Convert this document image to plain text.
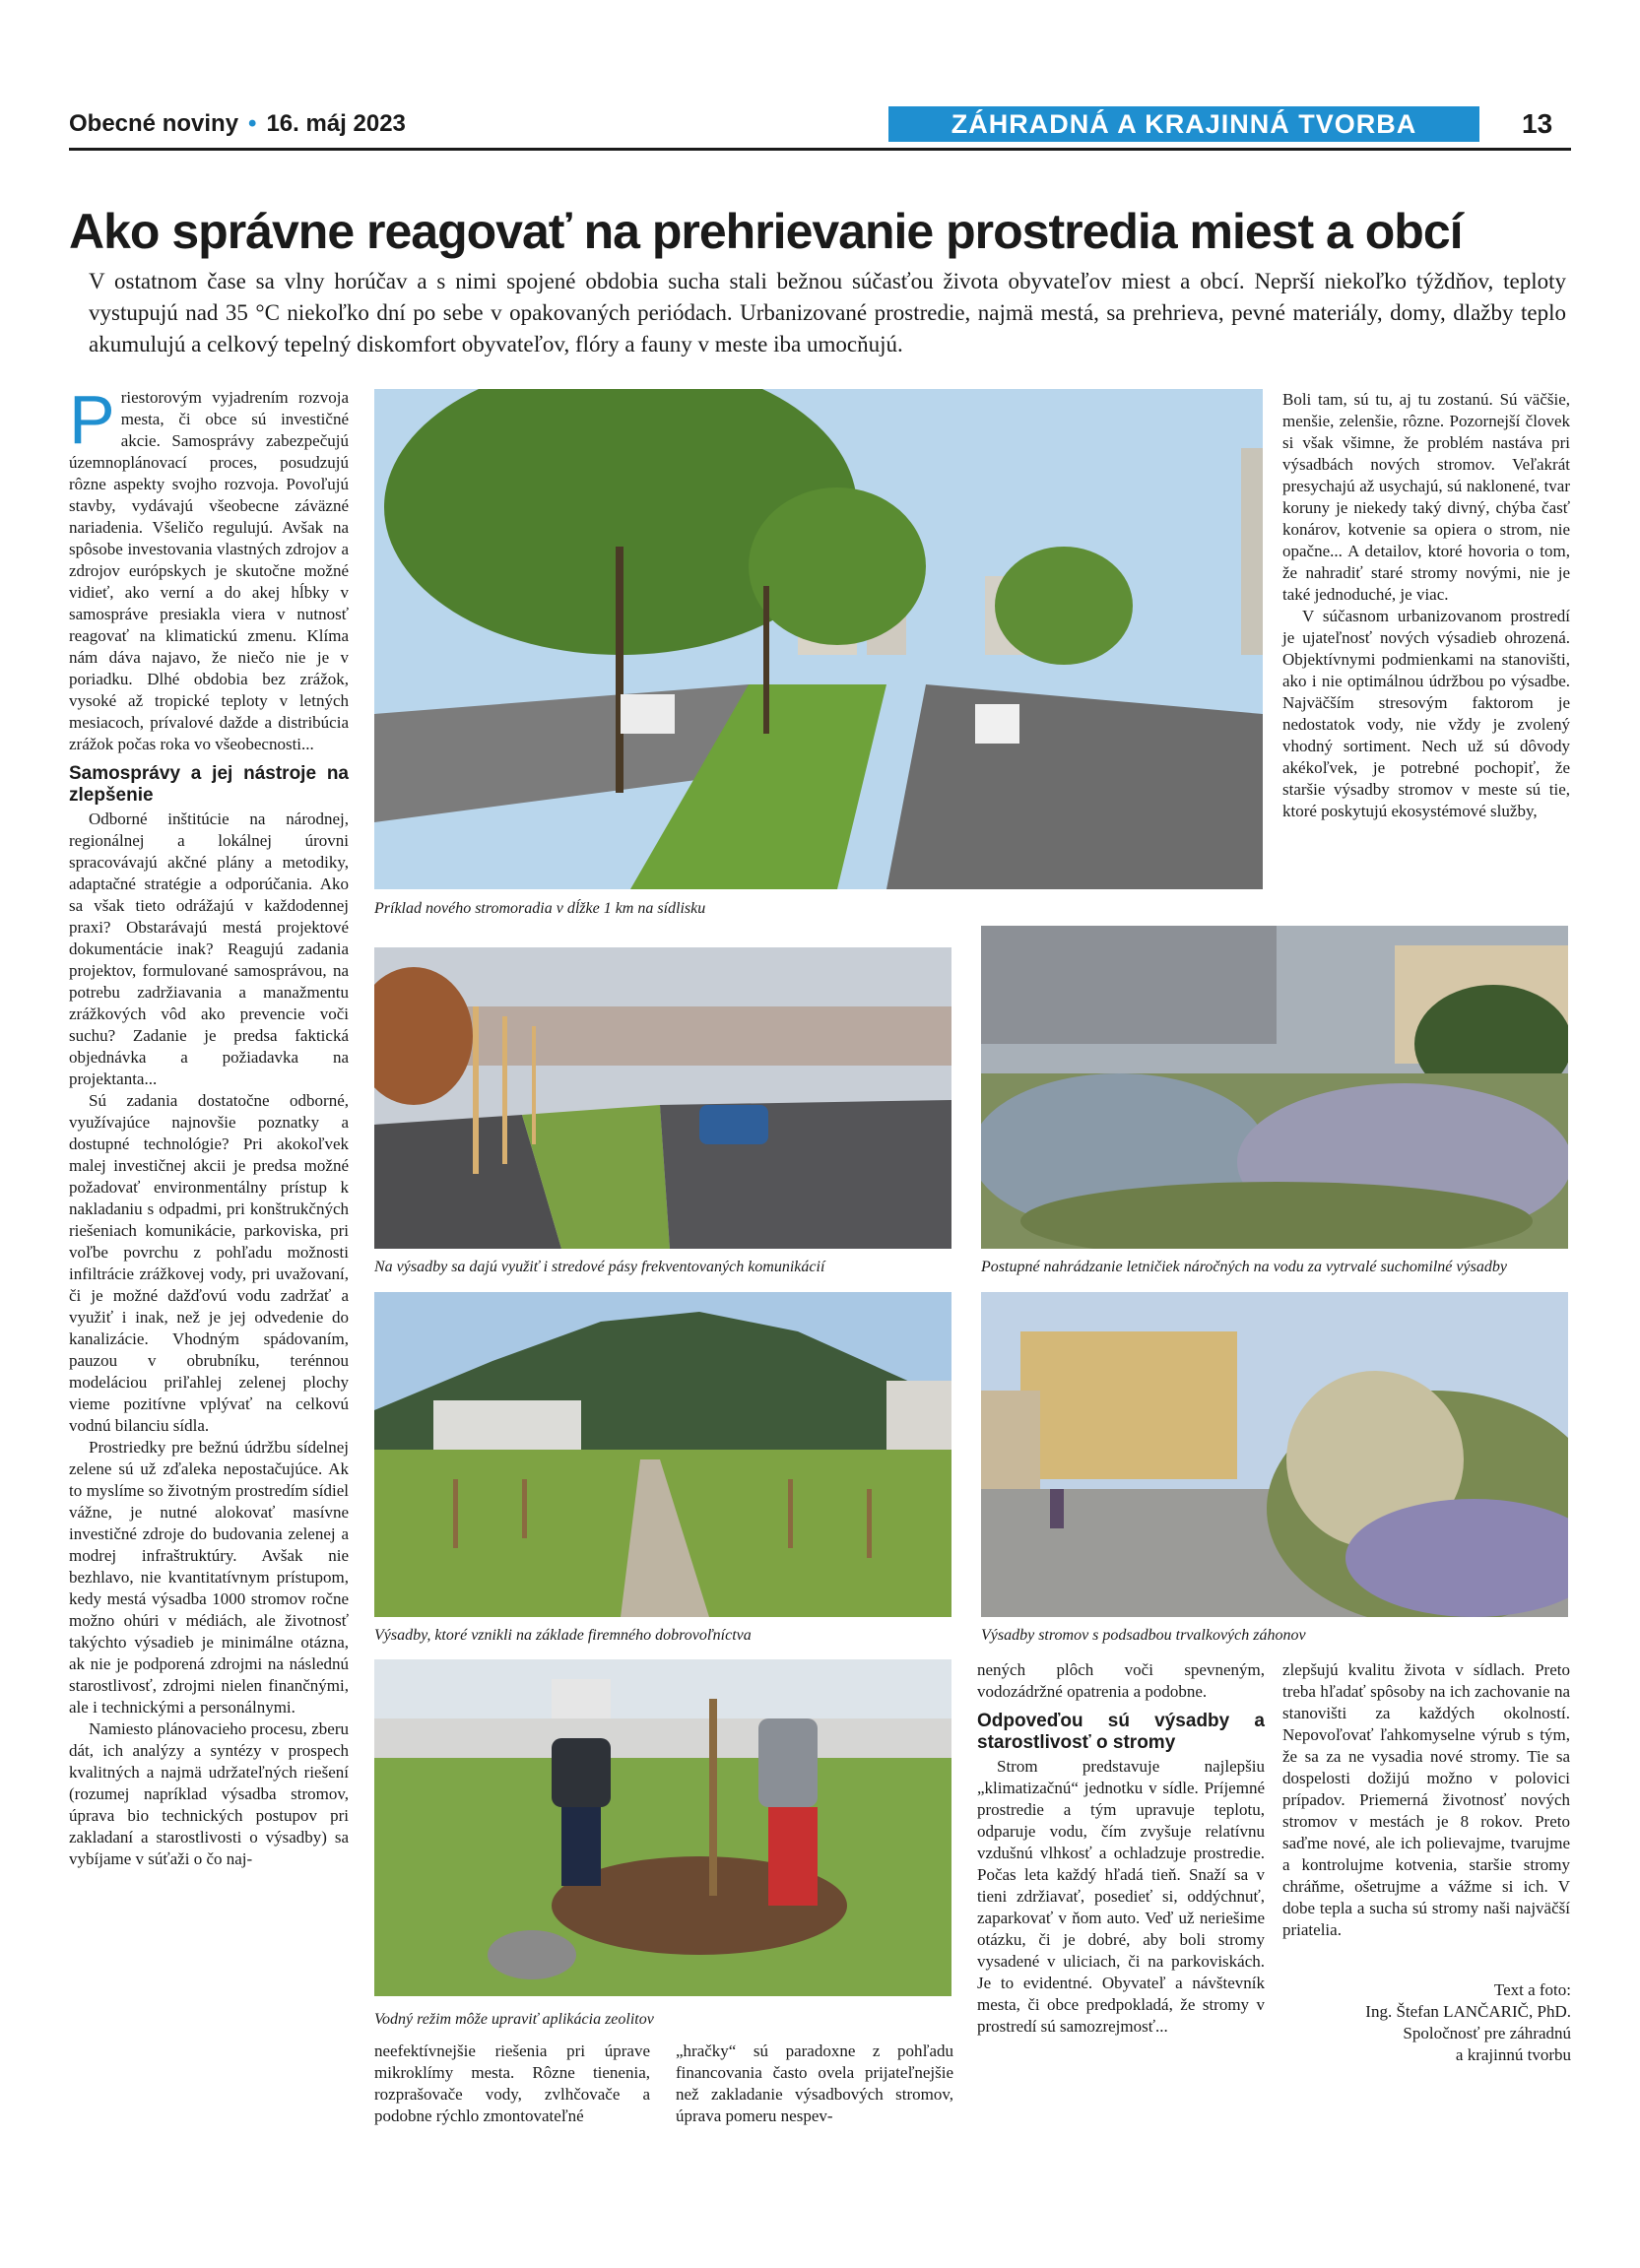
Obecné noviny • 16. máj 2023	ZÁHRADNÁ A KRAJINNÁ TVORBA	13
Ako správne reagovať na prehrievanie prostredia miest a obcí
V ostatnom čase sa vlny horúčav a s nimi spojené obdobia sucha stali bežnou súčasťou života obyvateľov miest a obcí. Neprší niekoľko týždňov, teploty vystupujú nad 35 °C niekoľko dní po sebe v opakovaných periódach. Urbanizované prostredie, najmä mestá, sa prehrieva, pevné materiály, domy, dlažby teplo akumulujú a celkový tepelný diskomfort obyvateľov, flóry a fauny v meste iba umocňujú.
P riestorovým vyjadrením rozvoja mesta, či obce sú investičné akcie. Samosprávy zabezpečujú územnoplánovací proces, posudzujú rôzne aspekty svojho rozvoja. Povoľujú stavby, vydávajú všeobecne záväzné nariadenia. Všeličo regulujú. Avšak na spôsobe investovania vlastných zdrojov a zdrojov európskych je skutočne možné vidieť, ako verní a do akej hĺbky v samospráve presiakla viera v nutnosť reagovať na klimatickú zmenu. Klíma nám dáva najavo, že niečo nie je v poriadku. Dlhé obdobia bez zrážok, vysoké až tropické teploty v letných mesiacoch, prívalové dažde a distribúcia zrážok počas roka vo všeobecnosti...

Samosprávy a jej nástroje na zlepšenie

Odborné inštitúcie na národnej, regionálnej a lokálnej úrovni spracovávajú akčné plány a metodiky, adaptačné stratégie a odporúčania. Ako sa však tieto odrážajú v každodennej praxi? Obstarávajú mestá projektové dokumentácie inak? Reagujú zadania projektov, formulované samosprávou, na potrebu zadržiavania a manažmentu zrážkových vôd ako prevencie voči suchu? Zadanie je predsa faktická objednávka a požiadavka na projektanta...

Sú zadania dostatočne odborné, využívajúce najnovšie poznatky a dostupné technológie? Pri akokoľvek malej investičnej akcii je predsa možné požadovať environmentálny prístup k nakladaniu s odpadmi, pri konštrukčných riešeniach komunikácie, parkoviska, pri voľbe povrchu z pohľadu možnosti infiltrácie zrážkovej vody, pri uvažovaní, či je možné dažďovú vodu zadržať a využiť i inak, než je jej odvedenie do kanalizácie. Vhodným spádovaním, pauzou v obrubníku, terénnou modeláciou priľahlej zelenej plochy vieme pozitívne vplývať na celkovú vodnú bilanciu sídla.

Prostriedky pre bežnú údržbu sídelnej zelene sú už zďaleka nepostačujúce. Ak to myslíme so životným prostredím sídiel vážne, je nutné alokovať masívne investičné zdroje do budovania zelenej a modrej infraštruktúry. Avšak nie bezhlavo, nie kvantitatívnym prístupom, kedy mestá výsadba 1000 stromov ročne možno ohúri v médiách, ale životnosť takýchto výsadieb je minimálne otázna, ak nie je podporená zdrojmi na následnú starostlivosť, zdrojmi nielen finančnými, ale i technickými a personálnymi.

Namiesto plánovacieho procesu, zberu dát, ich analýzy a syntézy v prospech kvalitných a najmä udržateľných riešení (rozumej napríklad výsadba stromov, úprava bio technických postupov pri zakladaní a starostlivosti o výsadby) sa vybíjame v súťaži o čo naj-

Boli tam, sú tu, aj tu zostanú. Sú väčšie, menšie, zelenšie, rôzne. Pozornejší človek si však všimne, že problém nastáva pri výsadbách nových stromov. Veľakrát presychajú až usychajú, sú naklonené, tvar koruny je niekedy taký divný, chýba časť konárov, kotvenie sa opiera o strom, nie opačne... A detailov, ktoré hovoria o tom, že nahradiť staré stromy novými, nie je také jednoduché, je viac.

V súčasnom urbanizovanom prostredí je ujateľnosť nových výsadieb ohrozená. Objektívnymi podmienkami na stanovišti, ako i nie optimálnou údržbou po výsadbe. Najväčším stresovým faktorom je nedostatok vody, nie vždy je zvolený vhodný sortiment. Nech už sú dôvody akékoľvek, je potrebné pochopiť, že staršie výsadby stromov v meste sú tie, ktoré poskytujú ekosystémové služby,

Príklad nového stromoradia v dĺžke 1 km na sídlisku
Na výsadby sa dajú využiť i stredové pásy frekventovaných komunikácií	Postupné nahrádzanie letničiek náročných na vodu za vytrvalé suchomilné výsadby
Výsadby, ktoré vznikli na základe firemného dobrovoľníctva	Výsadby stromov s podsadbou trvalkových záhonov
Vodný režim môže upraviť aplikácia zeolitov

neefektívnejšie riešenia pri úprave mikroklímy mesta. Rôzne tienenia, rozprašovače vody, zvlhčovače a podobne rýchlo zmontovateľné

„hračky“ sú paradoxne z pohľadu financovania často ovela prijateľnejšie než zakladanie výsadbových stromov, úprava pomeru nespev-

nených plôch voči spevneným, vodozádržné opatrenia a podobne.

Odpoveďou sú výsadby a starostlivosť o stromy

Strom predstavuje najlepšiu „klimatizačnú“ jednotku v sídle. Príjemné prostredie a tým upravuje teplotu, odparuje vodu, čím zvyšuje relatívnu vzdušnú vlhkosť a ochladzuje prostredie. Počas leta každý hľadá tieň. Snaží sa v tieni zdržiavať, posedieť si, oddýchnuť, zaparkovať v ňom auto. Veď už neriešime otázku, či je dobré, aby boli stromy vysadené v uliciach, či na parkoviskách. Je to evidentné. Obyvateľ a návštevník mesta, či obce predpokladá, že stromy v prostredí sú samozrejmosť...

zlepšujú kvalitu života v sídlach. Preto treba hľadať spôsoby na ich zachovanie na stanovišti za každých okolností. Nepovoľovať ľahkomyselne výrub s tým, že sa za ne vysadia nové stromy. Tie sa dospelosti dožijú možno v polovici prípadov. Priemerná životnosť nových stromov v mestách je 8 rokov. Preto saďme nové, ale ich polievajme, tvarujme a kontrolujme kotvenia, staršie stromy chráňme, ošetrujme a vážme si ich. V dobe tepla a sucha sú stromy naši najväčší priatelia.

Text a foto:
Ing. Štefan LANČARIČ, PhD.
Spoločnosť pre záhradnú
a krajinnú tvorbu
